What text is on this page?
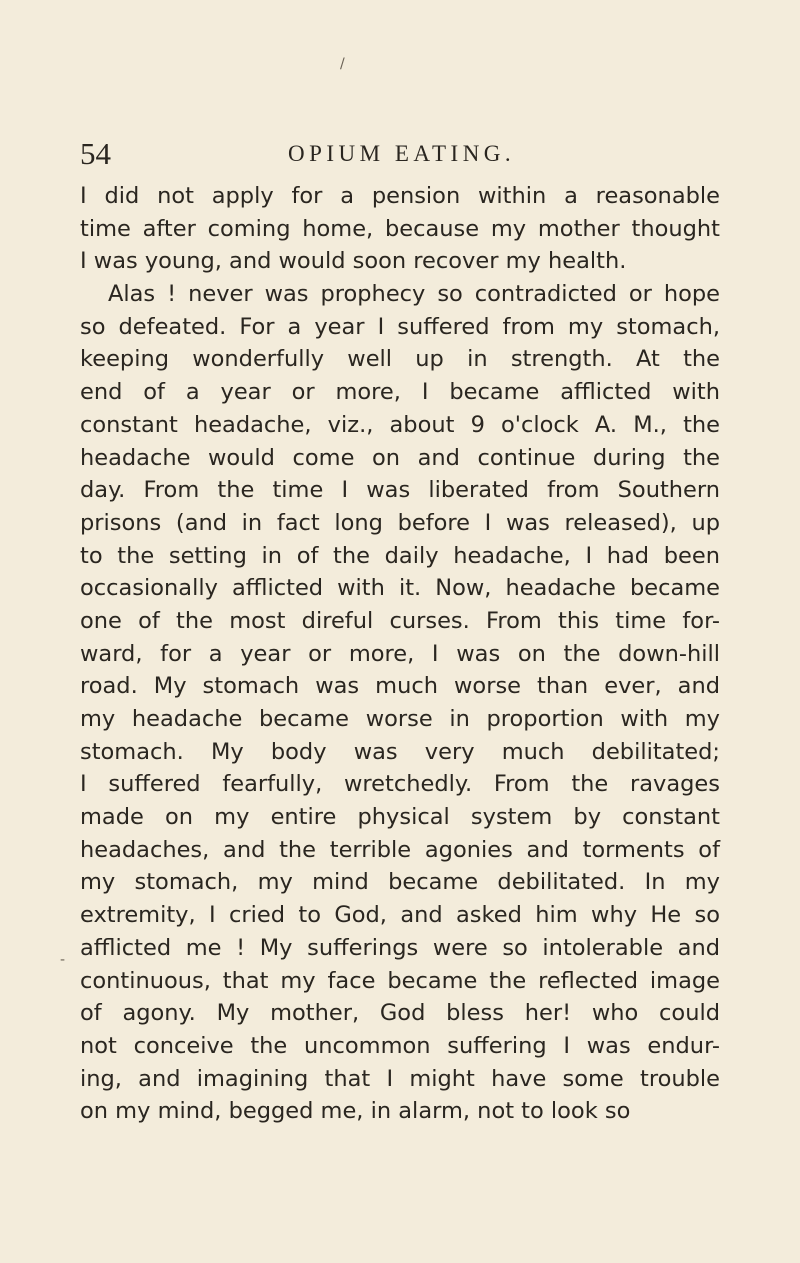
/
54	OPIUM EATING.
I did not apply for a pension within a reasonable
time after coming home, because my mother thought
I was young, and would soon recover my health.
Alas ! never was prophecy so contradicted or hope
so defeated. For a year I suffered from my stomach,
keeping wonderfully well up in strength. At the
end of a year or more, I became afflicted with
constant headache, viz., about 9 o'clock A. M., the
headache would come on and continue during the
day. From the time I was liberated from Southern
prisons (and in fact long before I was released), up
to the setting in of the daily headache, I had been
occasionally afflicted with it. Now, headache became
one of the most direful curses. From this time for-
ward, for a year or more, I was on the down-hill
road. My stomach was much worse than ever, and
my headache became worse in proportion with my
stomach. My body was very much debilitated;
I suffered fearfully, wretchedly. From the ravages
made on my entire physical system by constant
headaches, and the terrible agonies and torments of
my stomach, my mind became debilitated. In my
extremity, I cried to God, and asked him why He so
afflicted me ! My sufferings were so intolerable and
continuous, that my face became the reflected image
of agony. My mother, God bless her! who could
not conceive the uncommon suffering I was endur-
ing, and imagining that I might have some trouble
on my mind, begged me, in alarm, not to look so
-
